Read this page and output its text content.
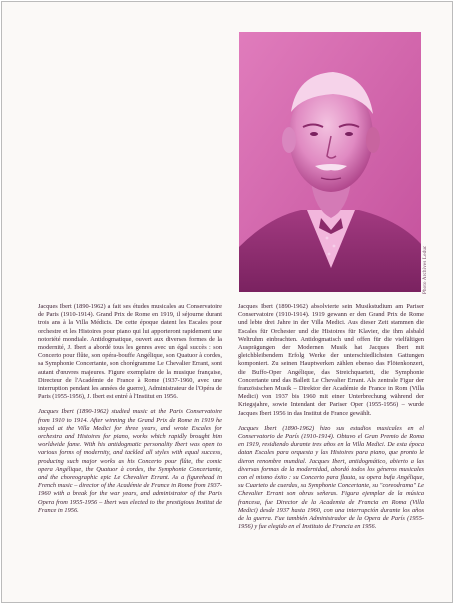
Photo Archives Leduc

Jacques Ibert (1890-1962) a fait ses études musicales au Conservatoire de Paris (1910-1914). Grand Prix de Rome en 1919, il séjourne durant trois ans à la Villa Médicis. De cette époque datent les Escales pour orchestre et les Histoires pour piano qui lui apporteront rapidement une notoriété mondiale. Antidogmatique, ouvert aux diverses formes de la modernité, J. Ibert a abordé tous les genres avec un égal succès : son Concerto pour flûte, son opéra-bouffe Angélique, son Quatuor à cordes, sa Symphonie Concertante, son chorégramme Le Chevalier Errant, sont autant d'œuvres majeures. Figure exemplaire de la musique française, Directeur de l'Académie de France à Rome (1937-1960, avec une interruption pendant les années de guerre), Administrateur de l'Opéra de Paris (1955-1956), J. Ibert est entré à l'Institut en 1956.

Jacques Ibert (1890-1962) studied music at the Paris Conservatoire from 1910 to 1914. After winning the Grand Prix de Rome in 1919 he stayed at the Villa Medici for three years, and wrote Escales for orchestra and Histoires for piano, works which rapidly brought him worldwide fame. With his antidogmatic personality Ibert was open to various forms of modernity, and tackled all styles with equal success, producing such major works as his Concerto pour flûte, the comic opera Angélique, the Quatuor à cordes, the Symphonie Concertante, and the choreographic epic Le Chevalier Errant. As a figurehead in French music – director of the Académie de France in Rome from 1937-1960 with a break for the war years, and administrator of the Paris Opera from 1955-1956 – Ibert was elected to the prestigious Institut de France in 1956.

Jacques Ibert (1890-1962) absolvierte sein Musikstudium am Pariser Conservatoire (1910-1914). 1919 gewann er den Grand Prix de Rome und lebte drei Jahre in der Villa Medici. Aus dieser Zeit stammen die Escales für Orchester und die Histoires für Klavier, die ihm alsbald Weltruhm einbrachten. Antidogmatisch und offen für die vielfältigen Ausprägungen der Modernen Musik hat Jacques Ibert mit gleichbleibendem Erfolg Werke der unterschiedlichsten Gattungen komponiert. Zu seinen Hauptwerken zählen ebenso das Flötenkonzert, die Buffo-Oper Angélique, das Streichquartett, die Symphonie Concertante und das Ballett Le Chevalier Errant. Als zentrale Figur der französischen Musik – Direktor der Académie de France in Rom (Villa Medici) von 1937 bis 1960 mit einer Unterbrechung während der Kriegsjahre, sowie Intendant der Pariser Oper (1955-1956) – wurde Jacques Ibert 1956 in das Institut de France gewählt.

Jacques Ibert (1890-1962) hizo sus estudios musicales en el Conservatorio de París (1910-1914). Obtuvo el Gran Premio de Roma en 1919, residiendo durante tres años en la Villa Medici. De esta época datan Escales para orquesta y las Histoires para piano, que pronto le dieron renombre mundial. Jacques Ibert, antidogmático, abierto a las diversas formas de la modernidad, abordó todos los géneros musicales con el mismo éxito : su Concerto para flauta, su opera bufa Angélique, su Cuarteto de cuerdas, su Symphonie Concertante, su "coreodrama" Le Chevalier Errant son obras señeras. Figura ejemplar de la música francesa, fue Director de la Academia de Francia en Roma (Villa Medici) desde 1937 hasta 1960, con una interrupción durante los años de la guerra. Fue también Administrador de la Opera de París (1955-1956) y fue elegido en el Instituto de Francia en 1956.
